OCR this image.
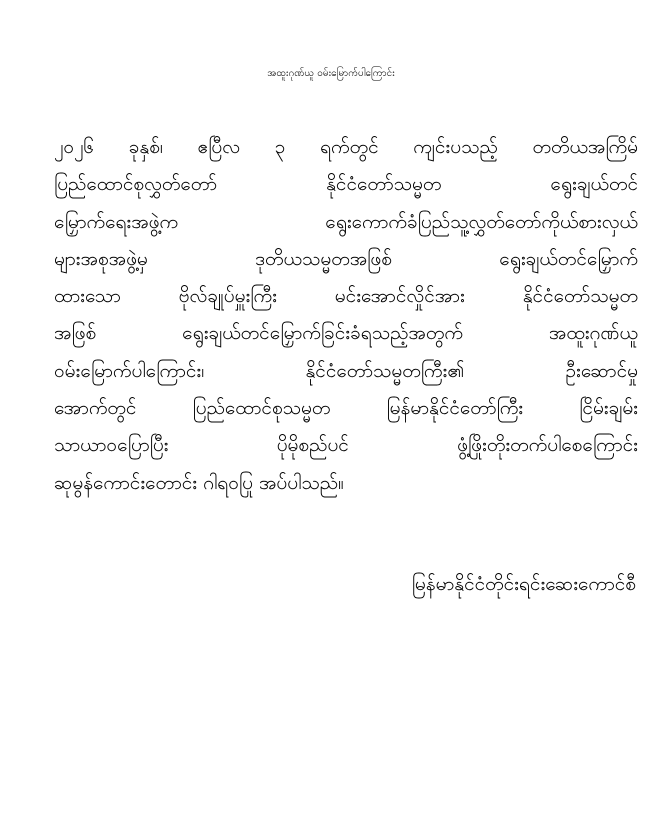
အထူးဂုဏ်ယူ ဝမ်းမြောက်ပါကြောင်း
၂၀၂၆ ခုနှစ်၊ ဧပြီလ ၃ ရက်တွင် ကျင်းပသည့် တတိယအကြိမ်
ပြည်ထောင်စုလွှတ်တော် နိုင်ငံတော်သမ္မတ ရွေးချယ်တင်
မြှောက်ရေးအဖွဲ့က ရွေးကောက်ခံပြည်သူ့လွှတ်တော်ကိုယ်စားလှယ်
များအစုအဖွဲ့မှ ဒုတိယသမ္မတအဖြစ် ရွေးချယ်တင်မြှောက်
ထားသော ဗိုလ်ချုပ်မှူးကြီး မင်းအောင်လှိုင်အား နိုင်ငံတော်သမ္မတ
အဖြစ် ရွေးချယ်တင်မြှောက်ခြင်းခံရသည့်အတွက် အထူးဂုဏ်ယူ
ဝမ်းမြောက်ပါကြောင်း၊ နိုင်ငံတော်သမ္မတကြီး၏ ဦးဆောင်မှု
အောက်တွင် ပြည်ထောင်စုသမ္မတ မြန်မာနိုင်ငံတော်ကြီး ငြိမ်းချမ်း
သာယာဝပြောပြီး ပိုမိုစည်ပင် ဖွံ့ဖြိုးတိုးတက်ပါစေကြောင်း
ဆုမွန်ကောင်းတောင်း ဂါရဝပြု အပ်ပါသည်။
မြန်မာနိုင်ငံတိုင်းရင်းဆေးကောင်စီ
